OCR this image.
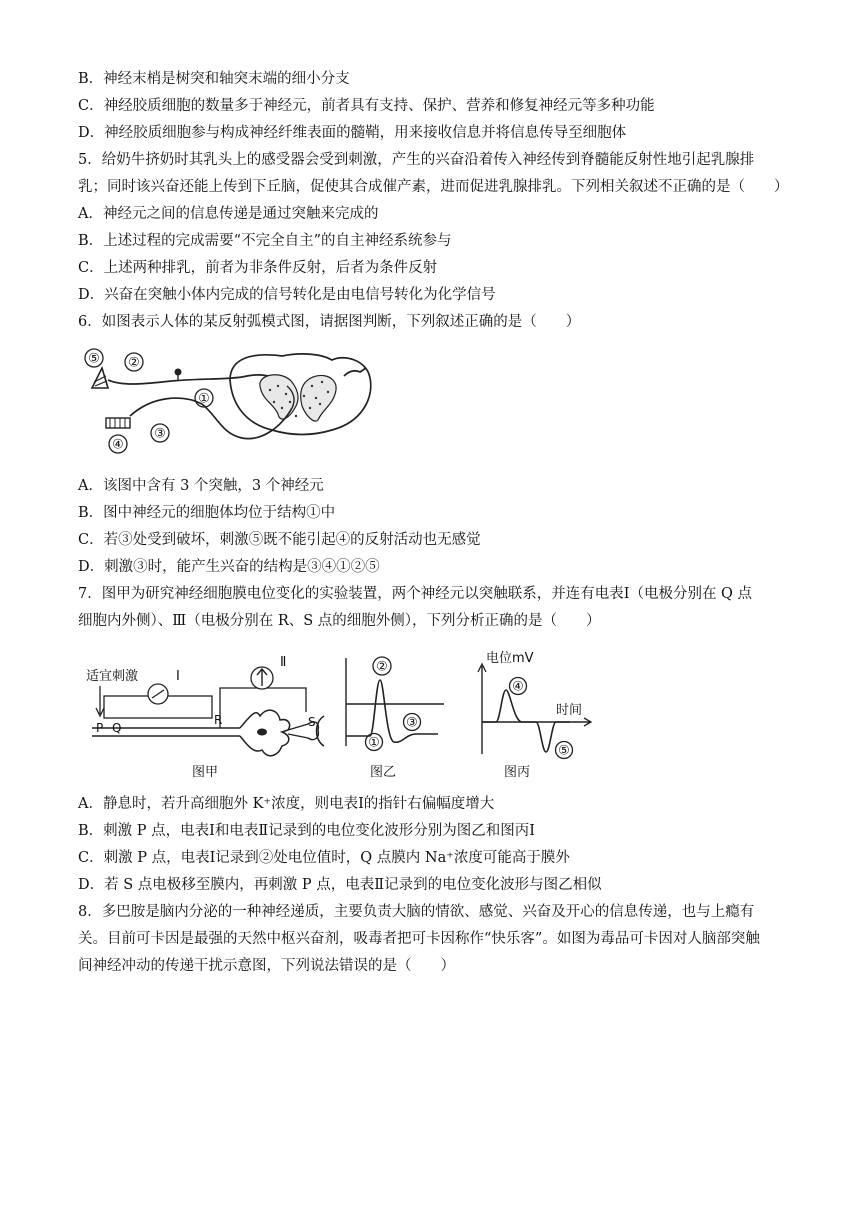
B．神经末梢是树突和轴突末端的细小分支
C．神经胶质细胞的数量多于神经元，前者具有支持、保护、营养和修复神经元等多种功能
D．神经胶质细胞参与构成神经纤维表面的髓鞘，用来接收信息并将信息传导至细胞体
5．给奶牛挤奶时其乳头上的感受器会受到刺激，产生的兴奋沿着传入神经传到脊髓能反射性地引起乳腺排
乳；同时该兴奋还能上传到下丘脑，促使其合成催产素，进而促进乳腺排乳。下列相关叙述不正确的是（　　）
A．神经元之间的信息传递是通过突触来完成的
B．上述过程的完成需要“不完全自主”的自主神经系统参与
C．上述两种排乳，前者为非条件反射，后者为条件反射
D．兴奋在突触小体内完成的信号转化是由电信号转化为化学信号
6．如图表示人体的某反射弧模式图，请据图判断，下列叙述正确的是（　　）
⑤ ②
①
③
④
A．该图中含有 3 个突触，3 个神经元
B．图中神经元的细胞体均位于结构①中
C．若③处受到破坏，刺激⑤既不能引起④的反射活动也无感觉
D．刺激③时，能产生兴奋的结构是③④①②⑤
7．图甲为研究神经细胞膜电位变化的实验装置，两个神经元以突触联系，并连有电表Ⅰ（电极分别在 Q 点
细胞内外侧）、Ⅲ（电极分别在 R、S 点的细胞外侧），下列分析正确的是（　　）
适宜刺激	Ⅰ
P Q
Ⅱ
R	S
图甲
②
③
①
图乙
电位mV
时间
④
⑤
图丙
A．静息时，若升高细胞外 K⁺浓度，则电表Ⅰ的指针右偏幅度增大
B．刺激 P 点，电表Ⅰ和电表Ⅱ记录到的电位变化波形分别为图乙和图丙Ⅰ
C．刺激 P 点，电表Ⅰ记录到②处电位值时，Q 点膜内 Na⁺浓度可能高于膜外
D．若 S 点电极移至膜内，再刺激 P 点，电表Ⅱ记录到的电位变化波形与图乙相似
8．多巴胺是脑内分泌的一种神经递质，主要负责大脑的情欲、感觉、兴奋及开心的信息传递，也与上瘾有
关。目前可卡因是最强的天然中枢兴奋剂，吸毒者把可卡因称作“快乐客”。如图为毒品可卡因对人脑部突触
间神经冲动的传递干扰示意图，下列说法错误的是（　　）
